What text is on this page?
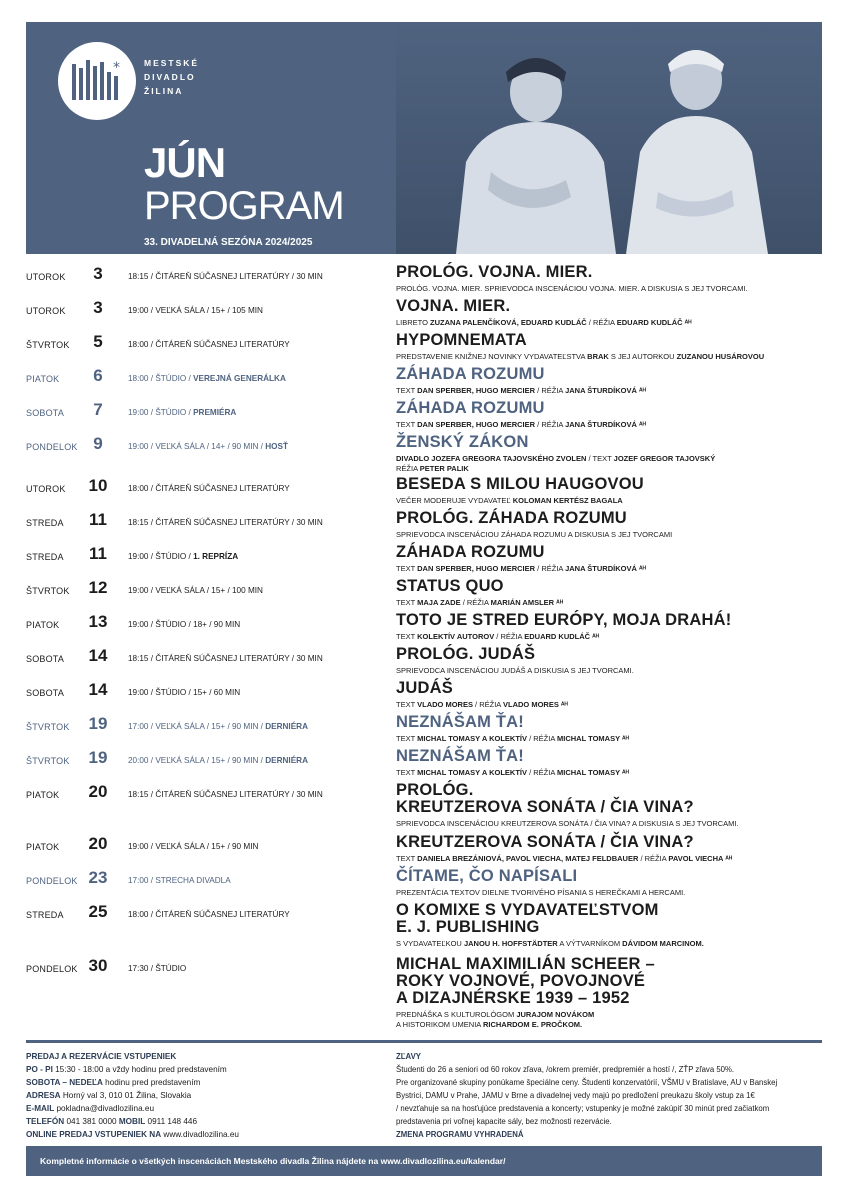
*	MESTSKÉ
DIVADLO
ŽILINA
JÚN
PROGRAM
33. DIVADELNÁ SEZÓNA 2024/2025
UTOROK	3	18:15 / ČITÁREŇ SÚČASNEJ LITERATÚRY / 30 MIN	PROLÓG. VOJNA. MIER.
PROLÓG. VOJNA. MIER. SPRIEVODCA INSCENÁCIOU VOJNA. MIER. A DISKUSIA S JEJ TVORCAMI.
UTOROK	3	19:00 / VEĽKÁ SÁLA / 15+ / 105 MIN	VOJNA. MIER.
LIBRETO ZUZANA PALENČÍKOVÁ, EDUARD KUDLÁČ / RÉŽIA EDUARD KUDLÁČ ᴬᴴ
ŠTVRTOK	5	18:00 / ČITÁREŇ SÚČASNEJ LITERATÚRY	HYPOMNEMATA
PREDSTAVENIE KNIŽNEJ NOVINKY VYDAVATEĽSTVA BRAK S JEJ AUTORKOU ZUZANOU HUSÁROVOU
PIATOK	6	18:00 / ŠTÚDIO / VEREJNÁ GENERÁLKA	ZÁHADA ROZUMU
TEXT DAN SPERBER, HUGO MERCIER / RÉŽIA JANA ŠTURDÍKOVÁ ᴬᴴ
SOBOTA	7	19:00 / ŠTÚDIO / PREMIÉRA	ZÁHADA ROZUMU
TEXT DAN SPERBER, HUGO MERCIER / RÉŽIA JANA ŠTURDÍKOVÁ ᴬᴴ
PONDELOK 9	19:00 / VEĽKÁ SÁLA / 14+ / 90 MIN / HOSŤ	ŽENSKÝ ZÁKON
DIVADLO JOZEFA GREGORA TAJOVSKÉHO ZVOLEN / TEXT JOZEF GREGOR TAJOVSKÝ
RÉŽIA PETER PALIK
UTOROK 10	18:00 / ČITÁREŇ SÚČASNEJ LITERATÚRY	BESEDA S MILOU HAUGOVOU
VEČER MODERUJE VYDAVATEĽ KOLOMAN KERTÉSZ BAGALA
STREDA 11	18:15 / ČITÁREŇ SÚČASNEJ LITERATÚRY / 30 MIN	PROLÓG. ZÁHADA ROZUMU
SPRIEVODCA INSCENÁCIOU ZÁHADA ROZUMU A DISKUSIA S JEJ TVORCAMI
STREDA 11	19:00 / ŠTÚDIO / 1. REPRÍZA	ZÁHADA ROZUMU
TEXT DAN SPERBER, HUGO MERCIER / RÉŽIA JANA ŠTURDÍKOVÁ ᴬᴴ
ŠTVRTOK 12	19:00 / VEĽKÁ SÁLA / 15+ / 100 MIN	STATUS QUO
TEXT MAJA ZADE / RÉŽIA MARIÁN AMSLER ᴬᴴ
PIATOK 13	19:00 / ŠTÚDIO / 18+ / 90 MIN	TOTO JE STRED EURÓPY, MOJA DRAHÁ!
TEXT KOLEKTÍV AUTOROV / RÉŽIA EDUARD KUDLÁČ ᴬᴴ
SOBOTA 14	18:15 / ČITÁREŇ SÚČASNEJ LITERATÚRY / 30 MIN	PROLÓG. JUDÁŠ
SPRIEVODCA INSCENÁCIOU JUDÁŠ A DISKUSIA S JEJ TVORCAMI.
SOBOTA 14	19:00 / ŠTÚDIO / 15+ / 60 MIN	JUDÁŠ
TEXT VLADO MORES / RÉŽIA VLADO MORES ᴬᴴ
ŠTVRTOK 19	17:00 / VEĽKÁ SÁLA / 15+ / 90 MIN / DERNIÉRA	NEZNÁŠAM ŤA!
TEXT MICHAL TOMASY A KOLEKTÍV / RÉŽIA MICHAL TOMASY ᴬᴴ
ŠTVRTOK 19	20:00 / VEĽKÁ SÁLA / 15+ / 90 MIN / DERNIÉRA	NEZNÁŠAM ŤA!
TEXT MICHAL TOMASY A KOLEKTÍV / RÉŽIA MICHAL TOMASY ᴬᴴ
PIATOK 20	18:15 / ČITÁREŇ SÚČASNEJ LITERATÚRY / 30 MIN	PROLÓG.
KREUTZEROVA SONÁTA / ČIA VINA?
SPRIEVODCA INSCENÁCIOU KREUTZEROVA SONÁTA / ČIA VINA? A DISKUSIA S JEJ TVORCAMI.
PIATOK 20	19:00 / VEĽKÁ SÁLA / 15+ / 90 MIN	KREUTZEROVA SONÁTA / ČIA VINA?
TEXT DANIELA BREZÁNIOVÁ, PAVOL VIECHA, MATEJ FELDBAUER / RÉŽIA PAVOL VIECHA ᴬᴴ
PONDELOK 23	17:00 / STRECHA DIVADLA	ČÍTAME, ČO NAPÍSALI
PREZENTÁCIA TEXTOV DIELNE TVORIVÉHO PÍSANIA S HEREČKAMI A HERCAMI.
STREDA 25	18:00 / ČITÁREŇ SÚČASNEJ LITERATÚRY	O KOMIXE S VYDAVATEĽSTVOM
E. J. PUBLISHING
S VYDAVATEĽKOU JANOU H. HOFFSTÄDTER A VÝTVARNÍKOM DÁVIDOM MARCINOM.
PONDELOK 30	17:30 / ŠTÚDIO	MICHAL MAXIMILIÁN SCHEER –
ROKY VOJNOVÉ, POVOJNOVÉ
A DIZAJNÉRSKE 1939 – 1952
PREDNÁŠKA S KULTUROLÓGOM JURAJOM NOVÁKOM
A HISTORIKOM UMENIA RICHARDOM E. PROČKOM.
PREDAJ A REZERVÁCIE VSTUPENIEK
PO - PI 15:30 - 18:00 a vždy hodinu pred predstavením
SOBOTA – NEDEĽA hodinu pred predstavením
ADRESA Horný val 3, 010 01 Žilina, Slovakia
E-MAIL pokladna@divadlozilina.eu
TELEFÓN 041 381 0000 MOBIL 0911 148 446
ONLINE PREDAJ VSTUPENIEK NA www.divadlozilina.eu
ZĽAVY
Študenti do 26 a seniori od 60 rokov zľava, /okrem premiér, predpremiér a hostí /, ZŤP zľava 50%.
Pre organizované skupiny ponúkame špeciálne ceny. Študenti konzervatórií, VŠMU v Bratislave, AU v Banskej
Bystrici, DAMU v Prahe, JAMU v Brne a divadelnej vedy majú po predložení preukazu školy vstup za 1€
/ nevzťahuje sa na hosťujúce predstavenia a koncerty; vstupenky je možné zakúpiť 30 minút pred začiatkom
predstavenia pri voľnej kapacite sály, bez možnosti rezervácie.
ZMENA PROGRAMU VYHRADENÁ
Kompletné informácie o všetkých inscenáciách Mestského divadla Žilina nájdete na www.divadlozilina.eu/kalendar/
